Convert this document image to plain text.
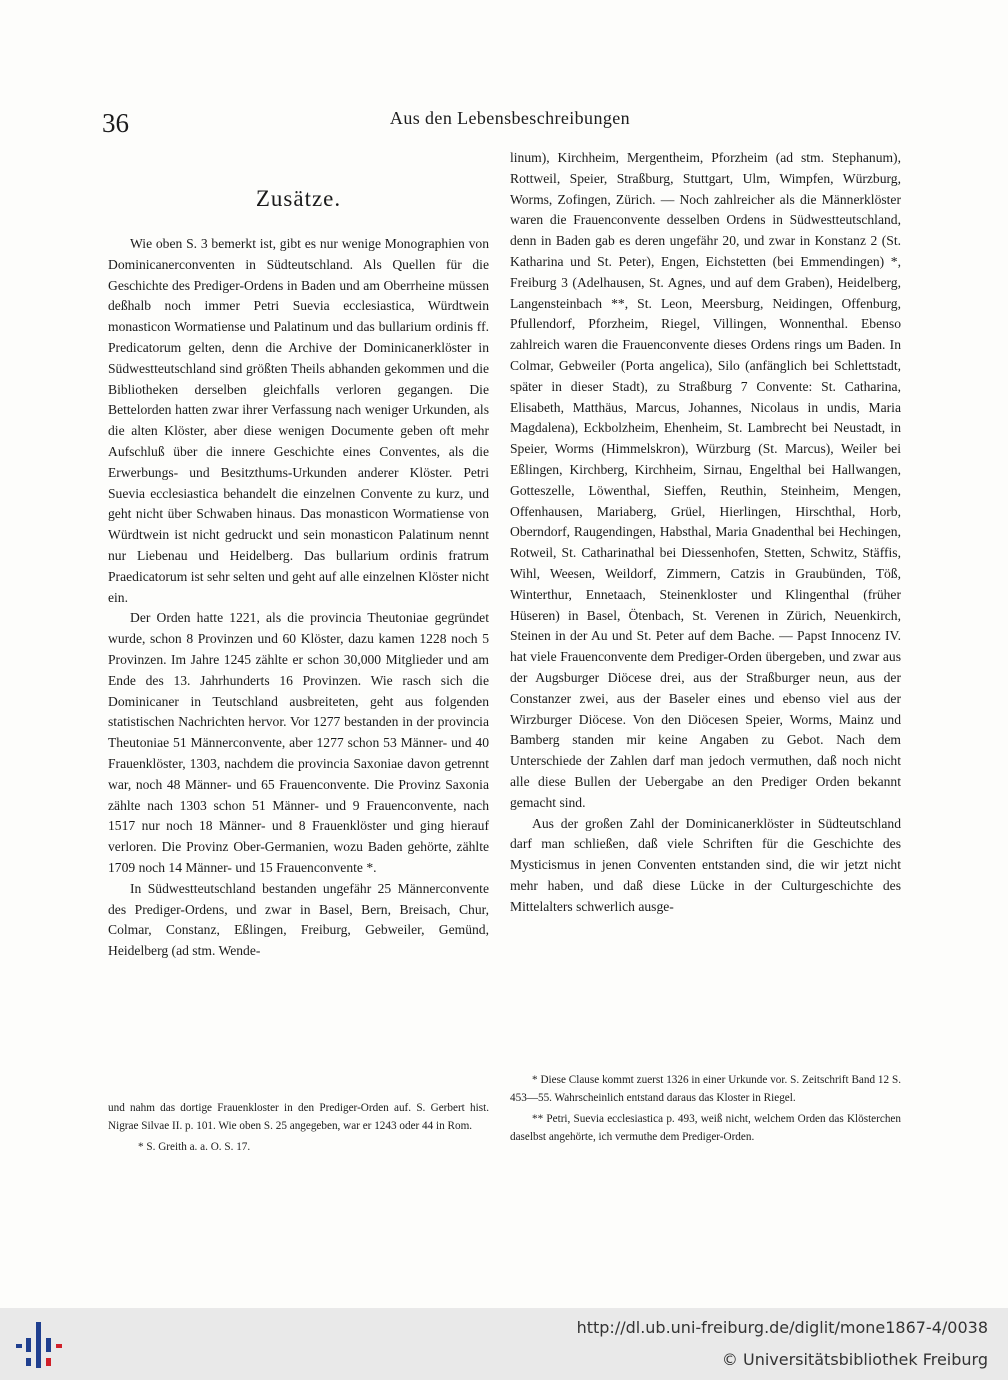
36	Aus den Lebensbeschreibungen
Zusätze.

Wie oben S. 3 bemerkt ist, gibt es nur wenige Monographien von Dominicanerconventen in Südteutschland. Als Quellen für die Geschichte des Prediger-Ordens in Baden und am Oberrheine müssen deßhalb noch immer Petri Suevia ecclesiastica, Würdtwein monasticon Wormatiense und Palatinum und das bullarium ordinis ff. Predicatorum gelten, denn die Archive der Dominicanerklöster in Südwestteutschland sind größten Theils abhanden gekommen und die Bibliotheken derselben gleichfalls verloren gegangen. Die Bettelorden hatten zwar ihrer Verfassung nach weniger Urkunden, als die alten Klöster, aber diese wenigen Documente geben oft mehr Aufschluß über die innere Geschichte eines Conventes, als die Erwerbungs- und Besitzthums-Urkunden anderer Klöster. Petri Suevia ecclesiastica behandelt die einzelnen Convente zu kurz, und geht nicht über Schwaben hinaus. Das monasticon Wormatiense von Würdtwein ist nicht gedruckt und sein monasticon Palatinum nennt nur Liebenau und Heidelberg. Das bullarium ordinis fratrum Praedicatorum ist sehr selten und geht auf alle einzelnen Klöster nicht ein.

Der Orden hatte 1221, als die provincia Theutoniae gegründet wurde, schon 8 Provinzen und 60 Klöster, dazu kamen 1228 noch 5 Provinzen. Im Jahre 1245 zählte er schon 30,000 Mitglieder und am Ende des 13. Jahrhunderts 16 Provinzen. Wie rasch sich die Dominicaner in Teutschland ausbreiteten, geht aus folgenden statistischen Nachrichten hervor. Vor 1277 bestanden in der provincia Theutoniae 51 Männerconvente, aber 1277 schon 53 Männer- und 40 Frauenklöster, 1303, nachdem die provincia Saxoniae davon getrennt war, noch 48 Männer- und 65 Frauenconvente. Die Provinz Saxonia zählte nach 1303 schon 51 Männer- und 9 Frauenconvente, nach 1517 nur noch 18 Männer- und 8 Frauenklöster und ging hierauf verloren. Die Provinz Ober-Germanien, wozu Baden gehörte, zählte 1709 noch 14 Männer- und 15 Frauenconvente *.

In Südwestteutschland bestanden ungefähr 25 Männerconvente des Prediger-Ordens, und zwar in Basel, Bern, Breisach, Chur, Colmar, Constanz, Eßlingen, Freiburg, Gebweiler, Gemünd, Heidelberg (ad stm. Wende-

linum), Kirchheim, Mergentheim, Pforzheim (ad stm. Stephanum), Rottweil, Speier, Straßburg, Stuttgart, Ulm, Wimpfen, Würzburg, Worms, Zofingen, Zürich. — Noch zahlreicher als die Männerklöster waren die Frauenconvente desselben Ordens in Südwestteutschland, denn in Baden gab es deren ungefähr 20, und zwar in Konstanz 2 (St. Katharina und St. Peter), Engen, Eichstetten (bei Emmendingen) *, Freiburg 3 (Adelhausen, St. Agnes, und auf dem Graben), Heidelberg, Langensteinbach **, St. Leon, Meersburg, Neidingen, Offenburg, Pfullendorf, Pforzheim, Riegel, Villingen, Wonnenthal. Ebenso zahlreich waren die Frauenconvente dieses Ordens rings um Baden. In Colmar, Gebweiler (Porta angelica), Silo (anfänglich bei Schlettstadt, später in dieser Stadt), zu Straßburg 7 Convente: St. Catharina, Elisabeth, Matthäus, Marcus, Johannes, Nicolaus in undis, Maria Magdalena), Eckbolzheim, Ehenheim, St. Lambrecht bei Neustadt, in Speier, Worms (Himmelskron), Würzburg (St. Marcus), Weiler bei Eßlingen, Kirchberg, Kirchheim, Sirnau, Engelthal bei Hallwangen, Gotteszelle, Löwenthal, Sieffen, Reuthin, Steinheim, Mengen, Offenhausen, Mariaberg, Grüel, Hierlingen, Hirschthal, Horb, Oberndorf, Raugendingen, Habsthal, Maria Gnadenthal bei Hechingen, Rotweil, St. Catharinathal bei Diessenhofen, Stetten, Schwitz, Stäffis, Wihl, Weesen, Weildorf, Zimmern, Catzis in Graubünden, Töß, Winterthur, Ennetaach, Steinenkloster und Klingenthal (früher Hüseren) in Basel, Ötenbach, St. Verenen in Zürich, Neuenkirch, Steinen in der Au und St. Peter auf dem Bache. — Papst Innocenz IV. hat viele Frauenconvente dem Prediger-Orden übergeben, und zwar aus der Augsburger Diöcese drei, aus der Straßburger neun, aus der Constanzer zwei, aus der Baseler eines und ebenso viel aus der Wirzburger Diöcese. Von den Diöcesen Speier, Worms, Mainz und Bamberg standen mir keine Angaben zu Gebot. Nach dem Unterschiede der Zahlen darf man jedoch vermuthen, daß noch nicht alle diese Bullen der Uebergabe an den Prediger Orden bekannt gemacht sind.

Aus der großen Zahl der Dominicanerklöster in Südteutschland darf man schließen, daß viele Schriften für die Geschichte des Mysticismus in jenen Conventen entstanden sind, die wir jetzt nicht mehr haben, und daß diese Lücke in der Culturgeschichte des Mittelalters schwerlich ausge-

und nahm das dortige Frauenkloster in den Prediger-Orden auf. S. Gerbert hist. Nigrae Silvae II. p. 101. Wie oben S. 25 angegeben, war er 1243 oder 44 in Rom.

* S. Greith a. a. O. S. 17.

* Diese Clause kommt zuerst 1326 in einer Urkunde vor. S. Zeitschrift Band 12 S. 453—55. Wahrscheinlich entstand daraus das Kloster in Riegel.

** Petri, Suevia ecclesiastica p. 493, weiß nicht, welchem Orden das Klösterchen daselbst angehörte, ich vermuthe dem Prediger-Orden.

http://dl.ub.uni-freiburg.de/diglit/mone1867-4/0038
© Universitätsbibliothek Freiburg
